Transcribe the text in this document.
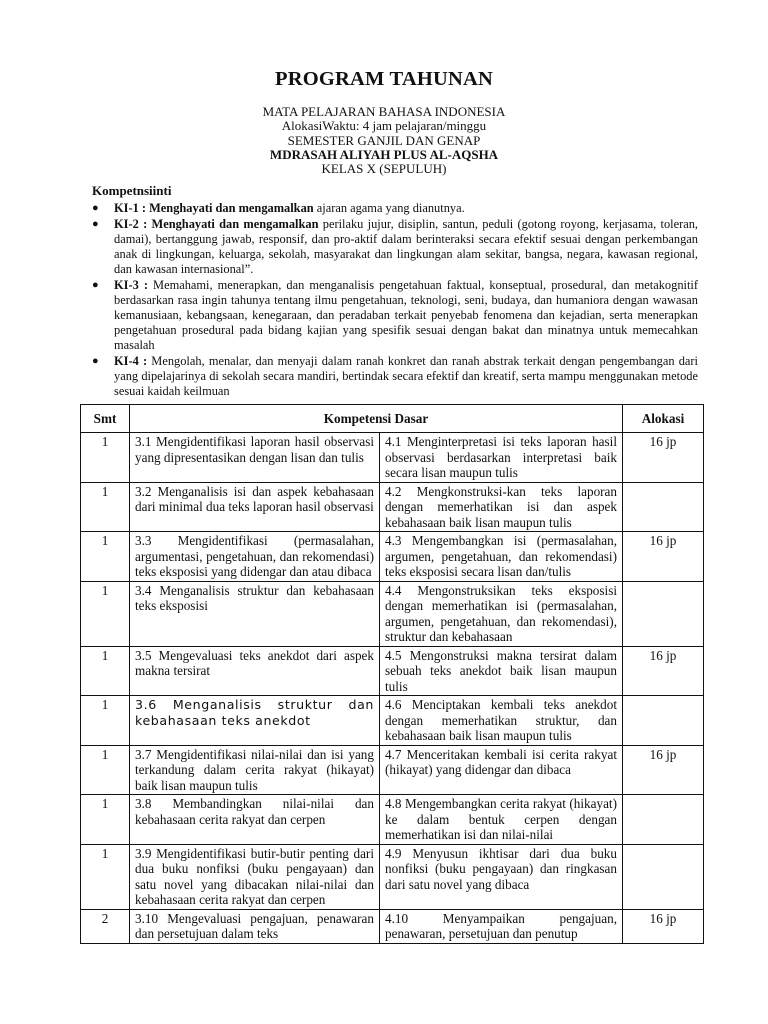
PROGRAM TAHUNAN
MATA PELAJARAN BAHASA INDONESIA
AlokasiWaktu: 4 jam pelajaran/minggu
SEMESTER GANJIL DAN GENAP
MDRASAH ALIYAH PLUS AL-AQSHA
KELAS X (SEPULUH)
Kompetnsiinti
● KI-1 : Menghayati dan mengamalkan ajaran agama yang dianutnya.
● KI-2 : Menghayati dan mengamalkan perilaku jujur, disiplin, santun, peduli (gotong royong, kerjasama, toleran, damai), bertanggung jawab, responsif, dan pro-aktif dalam berinteraksi secara efektif sesuai dengan perkembangan anak di lingkungan, keluarga, sekolah, masyarakat dan lingkungan alam sekitar, bangsa, negara, kawasan regional, dan kawasan internasional”.
● KI-3 : Memahami, menerapkan, dan menganalisis pengetahuan faktual, konseptual, prosedural, dan metakognitif berdasarkan rasa ingin tahunya tentang ilmu pengetahuan, teknologi, seni, budaya, dan humaniora dengan wawasan kemanusiaan, kebangsaan, kenegaraan, dan peradaban terkait penyebab fenomena dan kejadian, serta menerapkan pengetahuan prosedural pada bidang kajian yang spesifik sesuai dengan bakat dan minatnya untuk memecahkan masalah
● KI-4 : Mengolah, menalar, dan menyaji dalam ranah konkret dan ranah abstrak terkait dengan pengembangan dari yang dipelajarinya di sekolah secara mandiri, bertindak secara efektif dan kreatif, serta mampu menggunakan metode sesuai kaidah keilmuan
Smt	Kompetensi Dasar		Alokasi
1	3.1 Mengidentifikasi laporan hasil observasi yang dipresentasikan dengan lisan dan tulis	4.1 Menginterpretasi isi teks laporan hasil observasi berdasarkan interpretasi baik secara lisan maupun tulis	16 jp
1	3.2 Menganalisis isi dan aspek kebahasaan dari minimal dua teks laporan hasil observasi	4.2 Mengkonstruksi-kan teks laporan dengan memerhatikan isi dan aspek kebahasaan baik lisan maupun tulis	
1	3.3 Mengidentifikasi (permasalahan, argumentasi, pengetahuan, dan rekomendasi) teks eksposisi yang didengar dan atau dibaca	4.3 Mengembangkan isi (permasalahan, argumen, pengetahuan, dan rekomendasi) teks eksposisi secara lisan dan/tulis	16 jp
1	3.4 Menganalisis struktur dan kebahasaan teks eksposisi	4.4 Mengonstruksikan teks eksposisi dengan memerhatikan isi (permasalahan, argumen, pengetahuan, dan rekomendasi), struktur dan kebahasaan	
1	3.5 Mengevaluasi teks anekdot dari aspek makna tersirat	4.5 Mengonstruksi makna tersirat dalam sebuah teks anekdot baik lisan maupun tulis	16 jp
1	3.6 Menganalisis struktur dan kebahasaan teks anekdot	4.6 Menciptakan kembali teks anekdot dengan memerhatikan struktur, dan kebahasaan baik lisan maupun tulis	
1	3.7 Mengidentifikasi nilai-nilai dan isi yang terkandung dalam cerita rakyat (hikayat) baik lisan maupun tulis	4.7 Menceritakan kembali isi cerita rakyat (hikayat) yang didengar dan dibaca	16 jp
1	3.8 Membandingkan nilai-nilai dan kebahasaan cerita rakyat dan cerpen	4.8 Mengembangkan cerita rakyat (hikayat) ke dalam bentuk cerpen dengan memerhatikan isi dan nilai-nilai	
1	3.9 Mengidentifikasi butir-butir penting dari dua buku nonfiksi (buku pengayaan) dan satu novel yang dibacakan nilai-nilai dan kebahasaan cerita rakyat dan cerpen	4.9 Menyusun ikhtisar dari dua buku nonfiksi (buku pengayaan) dan ringkasan dari satu novel yang dibaca	
2	3.10 Mengevaluasi pengajuan, penawaran dan persetujuan dalam teks	4.10 Menyampaikan pengajuan, penawaran, persetujuan dan penutup	16 jp
